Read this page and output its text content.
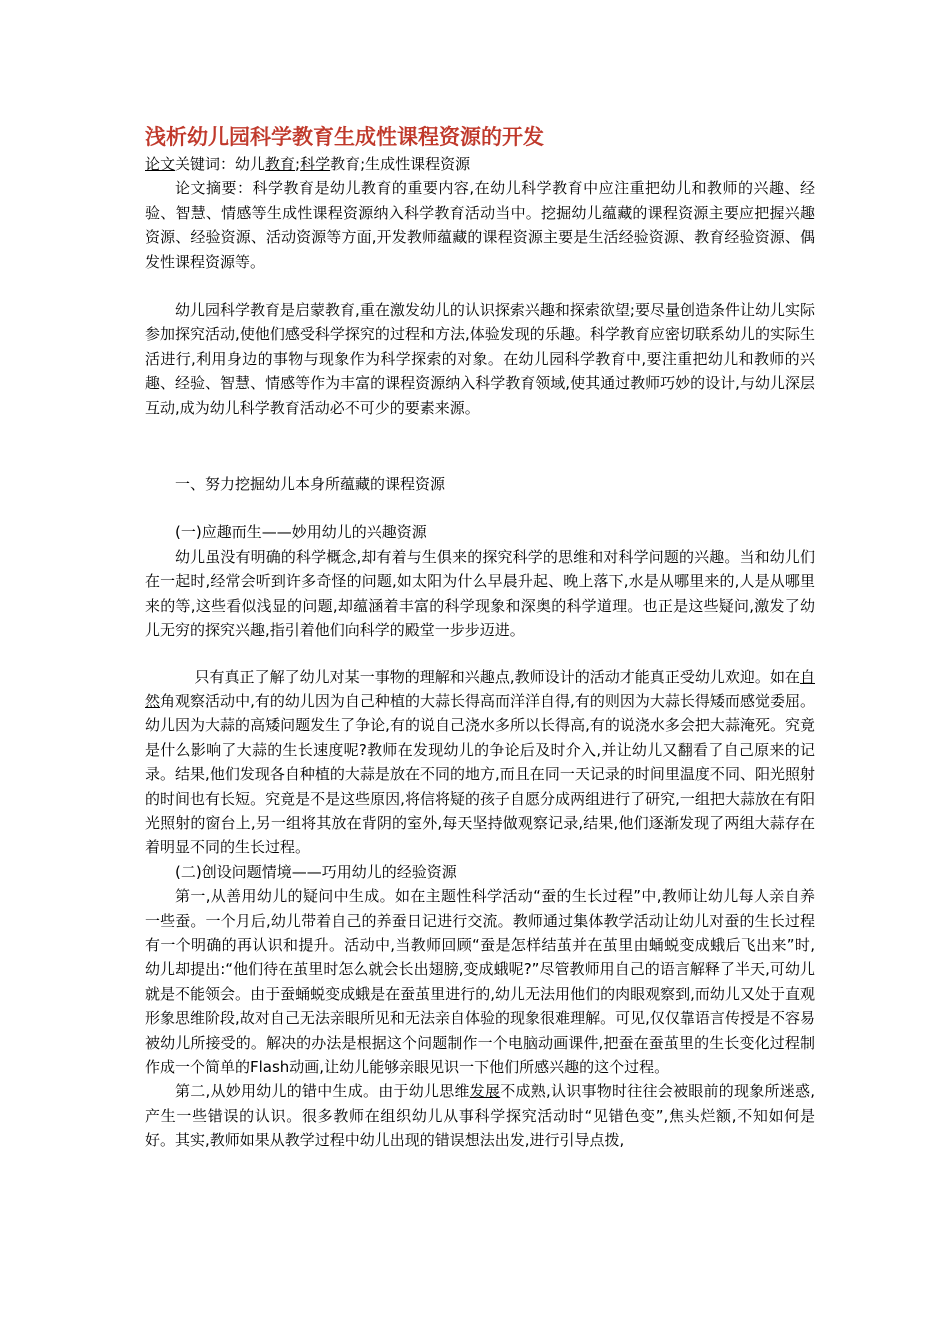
浅析幼儿园科学教育生成性课程资源的开发

论文关键词：幼儿教育;科学教育;生成性课程资源

论文摘要：科学教育是幼儿教育的重要内容,在幼儿科学教育中应注重把幼儿和教师的兴趣、经验、智慧、情感等生成性课程资源纳入科学教育活动当中。挖掘幼儿蕴藏的课程资源主要应把握兴趣资源、经验资源、活动资源等方面,开发教师蕴藏的课程资源主要是生活经验资源、教育经验资源、偶发性课程资源等。

幼儿园科学教育是启蒙教育,重在激发幼儿的认识探索兴趣和探索欲望;要尽量创造条件让幼儿实际参加探究活动,使他们感受科学探究的过程和方法,体验发现的乐趣。科学教育应密切联系幼儿的实际生活进行,利用身边的事物与现象作为科学探索的对象。在幼儿园科学教育中,要注重把幼儿和教师的兴趣、经验、智慧、情感等作为丰富的课程资源纳入科学教育领域,使其通过教师巧妙的设计,与幼儿深层互动,成为幼儿科学教育活动必不可少的要素来源。

一、努力挖掘幼儿本身所蕴藏的课程资源

(一)应趣而生——妙用幼儿的兴趣资源

幼儿虽没有明确的科学概念,却有着与生俱来的探究科学的思维和对科学问题的兴趣。当和幼儿们在一起时,经常会听到许多奇怪的问题,如太阳为什么早晨升起、晚上落下,水是从哪里来的,人是从哪里来的等,这些看似浅显的问题,却蕴涵着丰富的科学现象和深奥的科学道理。也正是这些疑问,激发了幼儿无穷的探究兴趣,指引着他们向科学的殿堂一步步迈进。

只有真正了解了幼儿对某一事物的理解和兴趣点,教师设计的活动才能真正受幼儿欢迎。如在自然角观察活动中,有的幼儿因为自己种植的大蒜长得高而洋洋自得,有的则因为大蒜长得矮而感觉委屈。幼儿因为大蒜的高矮问题发生了争论,有的说自己浇水多所以长得高,有的说浇水多会把大蒜淹死。究竟是什么影响了大蒜的生长速度呢?教师在发现幼儿的争论后及时介入,并让幼儿又翻看了自己原来的记录。结果,他们发现各自种植的大蒜是放在不同的地方,而且在同一天记录的时间里温度不同、阳光照射的时间也有长短。究竟是不是这些原因,将信将疑的孩子自愿分成两组进行了研究,一组把大蒜放在有阳光照射的窗台上,另一组将其放在背阴的室外,每天坚持做观察记录,结果,他们逐渐发现了两组大蒜存在着明显不同的生长过程。

(二)创设问题情境——巧用幼儿的经验资源

第一,从善用幼儿的疑问中生成。如在主题性科学活动“蚕的生长过程”中,教师让幼儿每人亲自养一些蚕。一个月后,幼儿带着自己的养蚕日记进行交流。教师通过集体教学活动让幼儿对蚕的生长过程有一个明确的再认识和提升。活动中,当教师回顾“蚕是怎样结茧并在茧里由蛹蜕变成蛾后飞出来”时,幼儿却提出:“他们待在茧里时怎么就会长出翅膀,变成蛾呢?”尽管教师用自己的语言解释了半天,可幼儿就是不能领会。由于蚕蛹蜕变成蛾是在蚕茧里进行的,幼儿无法用他们的肉眼观察到,而幼儿又处于直观形象思维阶段,故对自己无法亲眼所见和无法亲自体验的现象很难理解。可见,仅仅靠语言传授是不容易被幼儿所接受的。解决的办法是根据这个问题制作一个电脑动画课件,把蚕在蚕茧里的生长变化过程制作成一个简单的Flash动画,让幼儿能够亲眼见识一下他们所感兴趣的这个过程。

第二,从妙用幼儿的错中生成。由于幼儿思维发展不成熟,认识事物时往往会被眼前的现象所迷惑,产生一些错误的认识。很多教师在组织幼儿从事科学探究活动时“见错色变”,焦头烂额,不知如何是好。其实,教师如果从教学过程中幼儿出现的错误想法出发,进行引导点拨,
